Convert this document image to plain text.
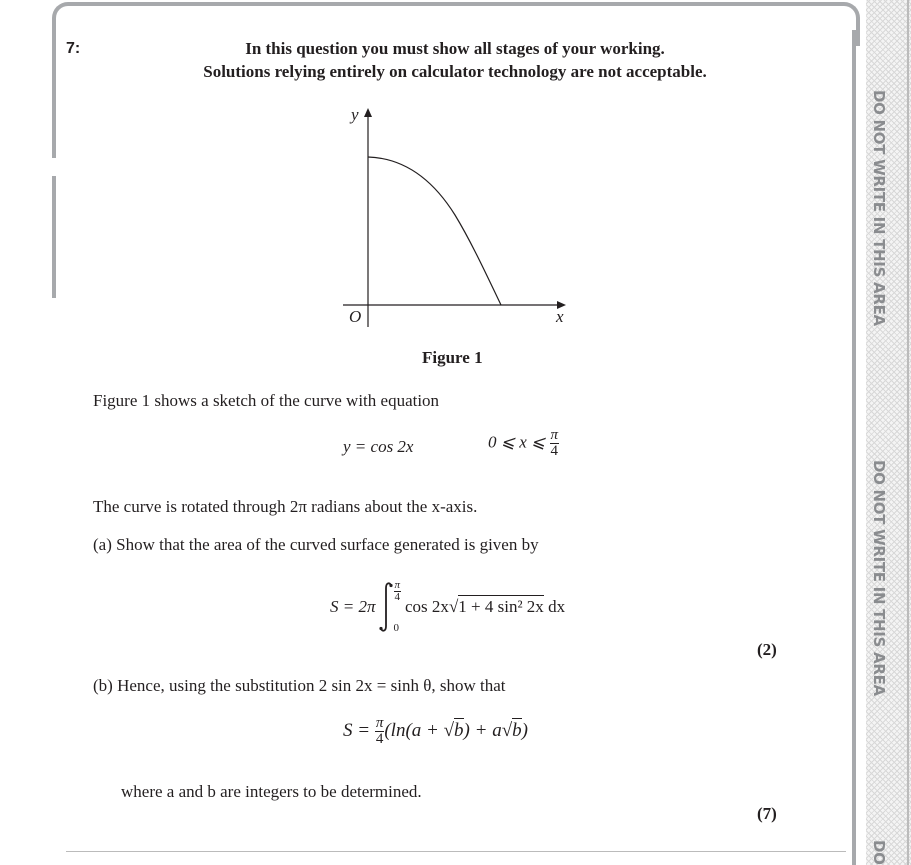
DO NOT WRITE IN THIS AREA
DO NOT WRITE IN THIS AREA
DO
7:	In this question you must show all stages of your working.
Solutions relying entirely on calculator technology are not acceptable.
y
x
O
Figure 1
Figure 1 shows a sketch of the curve with equation
y = cos 2x	0 ⩽ x ⩽ $\frac{\pi}{4}$
The curve is rotated through 2π radians about the x-axis.
(a) Show that the area of the curved surface generated is given by
S = 2π
$\frac{\pi}{4}$
0
cos 2x√1 + 4 sin² 2x dx
(2)
(b) Hence, using the substitution 2 sin 2x = sinh θ, show that
$S = \frac{\pi}{4} (\ln(a + √b) + a√b)$
where a and b are integers to be determined.
(7)
